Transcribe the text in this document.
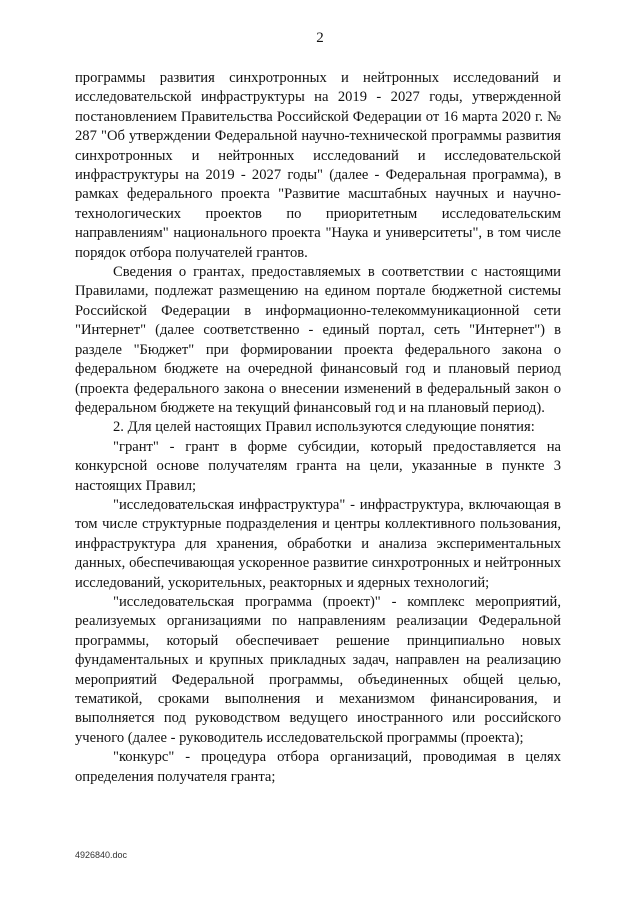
2

программы развития синхротронных и нейтронных исследований и исследовательской инфраструктуры на 2019 - 2027 годы, утвержденной постановлением Правительства Российской Федерации от 16 марта 2020 г. № 287 "Об утверждении Федеральной научно-технической программы развития синхротронных и нейтронных исследований и исследовательской инфраструктуры на 2019 - 2027 годы" (далее - Федеральная программа), в рамках федерального проекта "Развитие масштабных научных и научно-технологических проектов по приоритетным исследовательским направлениям" национального проекта "Наука и университеты", в том числе порядок отбора получателей грантов.

Сведения о грантах, предоставляемых в соответствии с настоящими Правилами, подлежат размещению на едином портале бюджетной системы Российской Федерации в информационно-телекоммуникационной сети "Интернет" (далее соответственно - единый портал, сеть "Интернет") в разделе "Бюджет" при формировании проекта федерального закона о федеральном бюджете на очередной финансовый год и плановый период (проекта федерального закона о внесении изменений в федеральный закон о федеральном бюджете на текущий финансовый год и на плановый период).

2. Для целей настоящих Правил используются следующие понятия:

"грант" - грант в форме субсидии, который предоставляется на конкурсной основе получателям гранта на цели, указанные в пункте 3 настоящих Правил;

"исследовательская инфраструктура" - инфраструктура, включающая в том числе структурные подразделения и центры коллективного пользования, инфраструктура для хранения, обработки и анализа экспериментальных данных, обеспечивающая ускоренное развитие синхротронных и нейтронных исследований, ускорительных, реакторных и ядерных технологий;

"исследовательская программа (проект)" - комплекс мероприятий, реализуемых организациями по направлениям реализации Федеральной программы, который обеспечивает решение принципиально новых фундаментальных и крупных прикладных задач, направлен на реализацию мероприятий Федеральной программы, объединенных общей целью, тематикой, сроками выполнения и механизмом финансирования, и выполняется под руководством ведущего иностранного или российского ученого (далее - руководитель исследовательской программы (проекта);

"конкурс" - процедура отбора организаций, проводимая в целях определения получателя гранта;

4926840.doc
